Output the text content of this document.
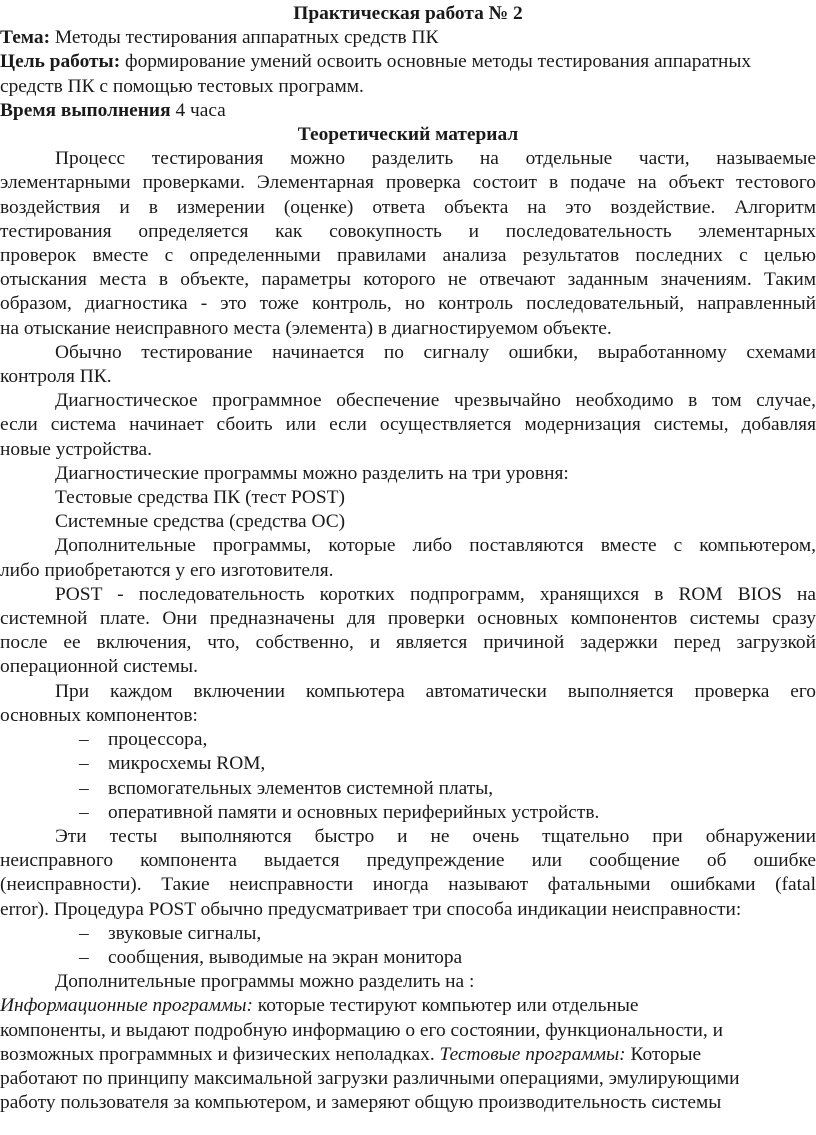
Практическая работа № 2
Тема: Методы тестирования аппаратных средств ПК
Цель работы: формирование умений освоить основные методы тестирования аппаратных
средств ПК с помощью тестовых программ.
Время выполнения 4 часа
Теоретический материал
Процесс тестирования можно разделить на отдельные части, называемые
элементарными проверками. Элементарная проверка состоит в подаче на объект тестового
воздействия и в измерении (оценке) ответа объекта на это воздействие. Алгоритм
тестирования определяется как совокупность и последовательность элементарных
проверок вместе с определенными правилами анализа результатов последних с целью
отыскания места в объекте, параметры которого не отвечают заданным значениям. Таким
образом, диагностика - это тоже контроль, но контроль последовательный, направленный
на отыскание неисправного места (элемента) в диагностируемом объекте.
Обычно тестирование начинается по сигналу ошибки, выработанному схемами
контроля ПК.
Диагностическое программное обеспечение чрезвычайно необходимо в том случае,
если система начинает сбоить или если осуществляется модернизация системы, добавляя
новые устройства.
Диагностические программы можно разделить на три уровня:
Тестовые средства ПК (тест POST)
Системные средства (средства ОС)
Дополнительные программы, которые либо поставляются вместе с компьютером,
либо приобретаются у его изготовителя.
POST - последовательность коротких подпрограмм, хранящихся в ROM BIOS на
системной плате. Они предназначены для проверки основных компонентов системы сразу
после ее включения, что, собственно, и является причиной задержки перед загрузкой
операционной системы.
При каждом включении компьютера автоматически выполняется проверка его
основных компонентов:
– процессора,
– микросхемы ROM,
– вспомогательных элементов системной платы,
– оперативной памяти и основных периферийных устройств.
Эти тесты выполняются быстро и не очень тщательно при обнаружении
неисправного компонента выдается предупреждение или сообщение об ошибке
(неисправности). Такие неисправности иногда называют фатальными ошибками (fatal
error). Процедура POST обычно предусматривает три способа индикации неисправности:
– звуковые сигналы,
– сообщения, выводимые на экран монитора
Дополнительные программы можно разделить на :
Информационные программы: которые тестируют компьютер или отдельные
компоненты, и выдают подробную информацию о его состоянии, функциональности, и
возможных программных и физических неполадках. Тестовые программы: Которые
работают по принципу максимальной загрузки различными операциями, эмулирующими
работу пользователя за компьютером, и замеряют общую производительность системы
